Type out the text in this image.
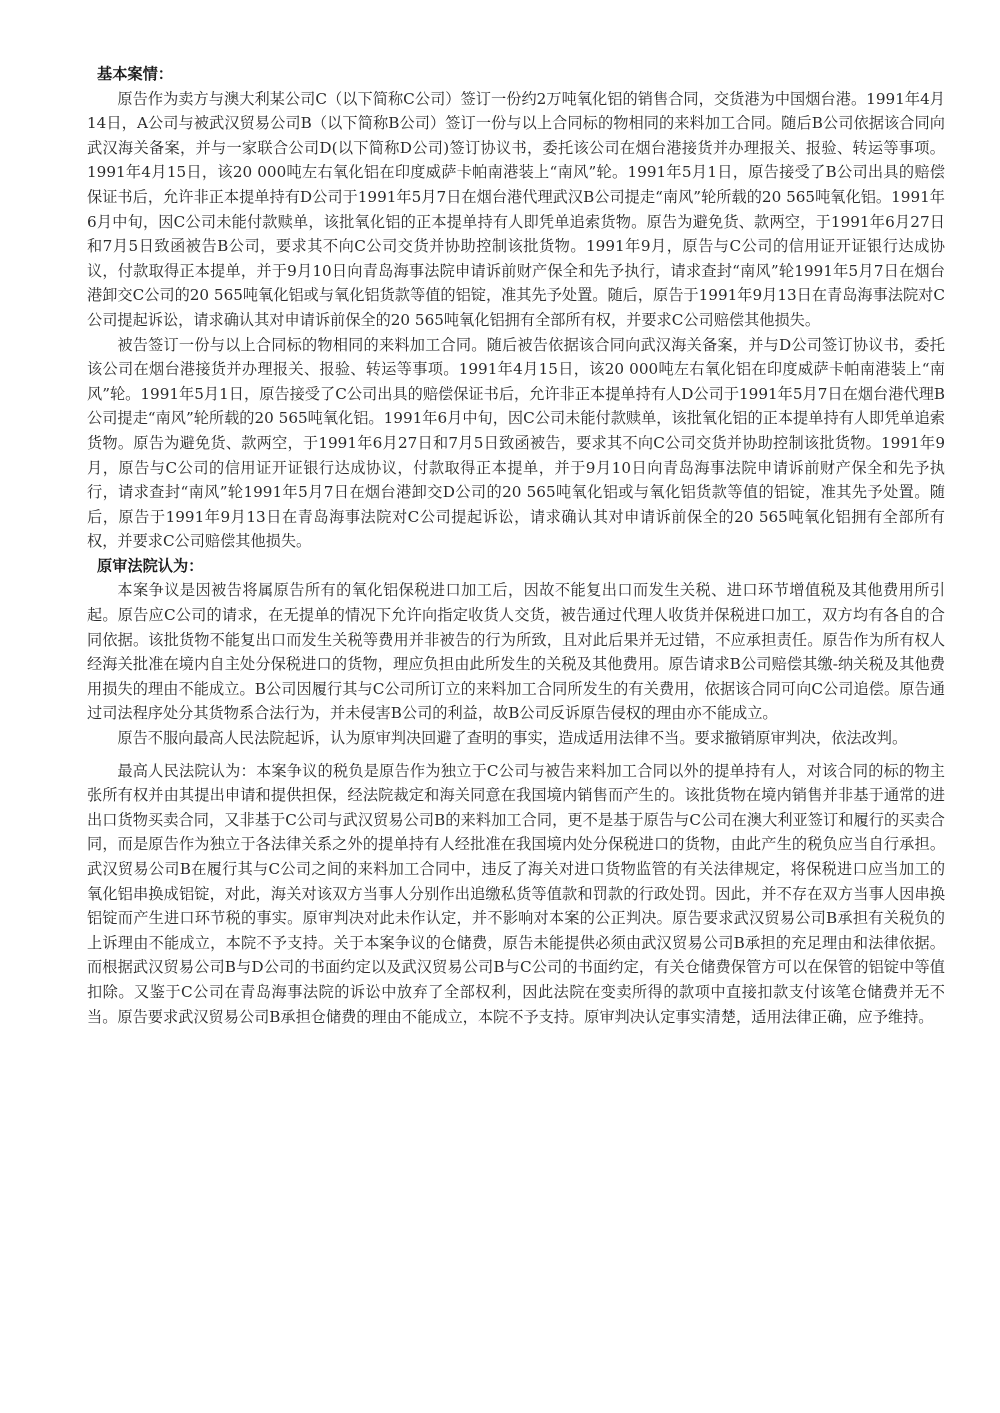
基本案情：

原告作为卖方与澳大利某公司C（以下简称C公司）签订一份约2万吨氧化铝的销售合同，交货港为中国烟台港。1991年4月14日，A公司与被武汉贸易公司B（以下简称B公司）签订一份与以上合同标的物相同的来料加工合同。随后B公司依据该合同向武汉海关备案，并与一家联合公司D(以下简称D公司)签订协议书，委托该公司在烟台港接货并办理报关、报验、转运等事项。1991年4月15日，该20 000吨左右氧化铝在印度威萨卡帕南港装上“南风”轮。1991年5月1日，原告接受了B公司出具的赔偿保证书后，允许非正本提单持有D公司于1991年5月7日在烟台港代理武汉B公司提走“南风”轮所载的20 565吨氧化铝。1991年6月中旬，因C公司未能付款赎单，该批氧化铝的正本提单持有人即凭单追索货物。原告为避免货、款两空，于1991年6月27日和7月5日致函被告B公司，要求其不向C公司交货并协助控制该批货物。1991年9月，原告与C公司的信用证开证银行达成协议，付款取得正本提单，并于9月10日向青岛海事法院申请诉前财产保全和先予执行，请求查封“南风”轮1991年5月7日在烟台港卸交C公司的20 565吨氧化铝或与氧化铝货款等值的铝锭，准其先予处置。随后，原告于1991年9月13日在青岛海事法院对C公司提起诉讼，请求确认其对申请诉前保全的20 565吨氧化铝拥有全部所有权，并要求C公司赔偿其他损失。

被告签订一份与以上合同标的物相同的来料加工合同。随后被告依据该合同向武汉海关备案，并与D公司签订协议书，委托该公司在烟台港接货并办理报关、报验、转运等事项。1991年4月15日，该20 000吨左右氧化铝在印度威萨卡帕南港装上“南风”轮。1991年5月1日，原告接受了C公司出具的赔偿保证书后，允许非正本提单持有人D公司于1991年5月7日在烟台港代理B公司提走“南风”轮所载的20 565吨氧化铝。1991年6月中旬，因C公司未能付款赎单，该批氧化铝的正本提单持有人即凭单追索货物。原告为避免货、款两空，于1991年6月27日和7月5日致函被告，要求其不向C公司交货并协助控制该批货物。1991年9月，原告与C公司的信用证开证银行达成协议，付款取得正本提单，并于9月10日向青岛海事法院申请诉前财产保全和先予执行，请求查封“南风”轮1991年5月7日在烟台港卸交D公司的20 565吨氧化铝或与氧化铝货款等值的铝锭，准其先予处置。随后，原告于1991年9月13日在青岛海事法院对C公司提起诉讼，请求确认其对申请诉前保全的20 565吨氧化铝拥有全部所有权，并要求C公司赔偿其他损失。

原审法院认为：

本案争议是因被告将属原告所有的氧化铝保税进口加工后，因故不能复出口而发生关税、进口环节增值税及其他费用所引起。原告应C公司的请求，在无提单的情况下允许向指定收货人交货，被告通过代理人收货并保税进口加工，双方均有各自的合同依据。该批货物不能复出口而发生关税等费用并非被告的行为所致，且对此后果并无过错，不应承担责任。原告作为所有权人经海关批准在境内自主处分保税进口的货物，理应负担由此所发生的关税及其他费用。原告请求B公司赔偿其缴-纳关税及其他费用损失的理由不能成立。B公司因履行其与C公司所订立的来料加工合同所发生的有关费用，依据该合同可向C公司追偿。原告通过司法程序处分其货物系合法行为，并未侵害B公司的利益，故B公司反诉原告侵权的理由亦不能成立。

原告不服向最高人民法院起诉，认为原审判决回避了查明的事实，造成适用法律不当。要求撤销原审判决，依法改判。

最高人民法院认为：本案争议的税负是原告作为独立于C公司与被告来料加工合同以外的提单持有人，对该合同的标的物主张所有权并由其提出申请和提供担保，经法院裁定和海关同意在我国境内销售而产生的。该批货物在境内销售并非基于通常的进出口货物买卖合同，又非基于C公司与武汉贸易公司B的来料加工合同，更不是基于原告与C公司在澳大利亚签订和履行的买卖合同，而是原告作为独立于各法律关系之外的提单持有人经批准在我国境内处分保税进口的货物，由此产生的税负应当自行承担。武汉贸易公司B在履行其与C公司之间的来料加工合同中，违反了海关对进口货物监管的有关法律规定，将保税进口应当加工的氧化铝串换成铝锭，对此，海关对该双方当事人分别作出追缴私货等值款和罚款的行政处罚。因此，并不存在双方当事人因串换铝锭而产生进口环节税的事实。原审判决对此未作认定，并不影响对本案的公正判决。原告要求武汉贸易公司B承担有关税负的上诉理由不能成立，本院不予支持。关于本案争议的仓储费，原告未能提供必须由武汉贸易公司B承担的充足理由和法律依据。而根据武汉贸易公司B与D公司的书面约定以及武汉贸易公司B与C公司的书面约定，有关仓储费保管方可以在保管的铝锭中等值扣除。又鉴于C公司在青岛海事法院的诉讼中放弃了全部权利，因此法院在变卖所得的款项中直接扣款支付该笔仓储费并无不当。原告要求武汉贸易公司B承担仓储费的理由不能成立，本院不予支持。原审判决认定事实清楚，适用法律正确，应予维持。
